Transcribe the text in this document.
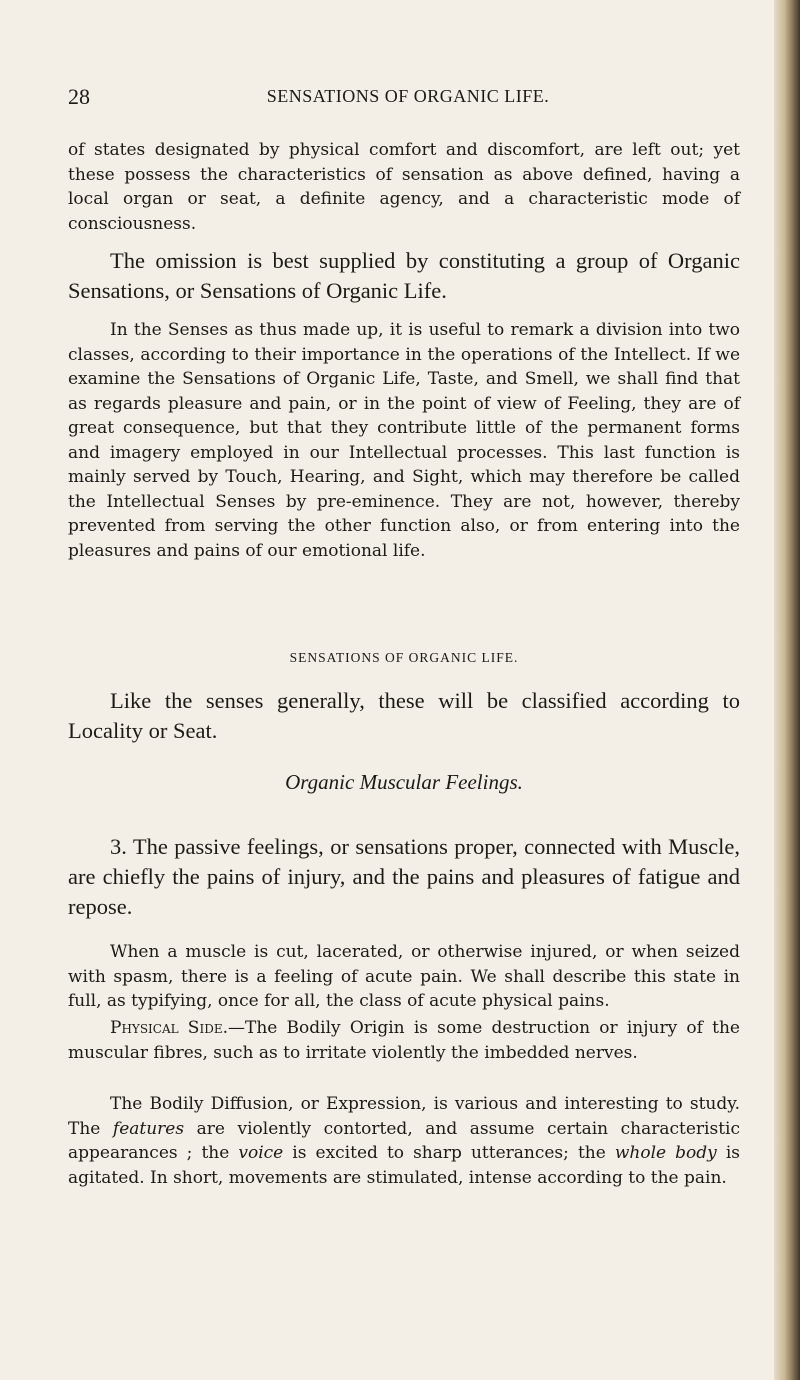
28	SENSATIONS OF ORGANIC LIFE.

of states designated by physical comfort and discomfort, are left out; yet these possess the characteristics of sensation as above defined, having a local organ or seat, a definite agency, and a characteristic mode of consciousness.

The omission is best supplied by constituting a group of Organic Sensations, or Sensations of Organic Life.

In the Senses as thus made up, it is useful to remark a division into two classes, according to their importance in the operations of the Intellect. If we examine the Sensations of Organic Life, Taste, and Smell, we shall find that as regards pleasure and pain, or in the point of view of Feeling, they are of great consequence, but that they contribute little of the permanent forms and imagery employed in our Intellectual processes. This last function is mainly served by Touch, Hearing, and Sight, which may therefore be called the Intellectual Senses by pre-eminence. They are not, however, thereby prevented from serving the other function also, or from entering into the pleasures and pains of our emotional life.

SENSATIONS OF ORGANIC LIFE.

Like the senses generally, these will be classified according to Locality or Seat.

Organic Muscular Feelings.

3. The passive feelings, or sensations proper, connected with Muscle, are chiefly the pains of injury, and the pains and pleasures of fatigue and repose.

When a muscle is cut, lacerated, or otherwise injured, or when seized with spasm, there is a feeling of acute pain. We shall describe this state in full, as typifying, once for all, the class of acute physical pains.

Physical Side.—The Bodily Origin is some destruction or injury of the muscular fibres, such as to irritate violently the imbedded nerves.

The Bodily Diffusion, or Expression, is various and interesting to study. The features are violently contorted, and assume certain characteristic appearances ; the voice is excited to sharp utterances; the whole body is agitated. In short, movements are stimulated, intense according to the pain.
